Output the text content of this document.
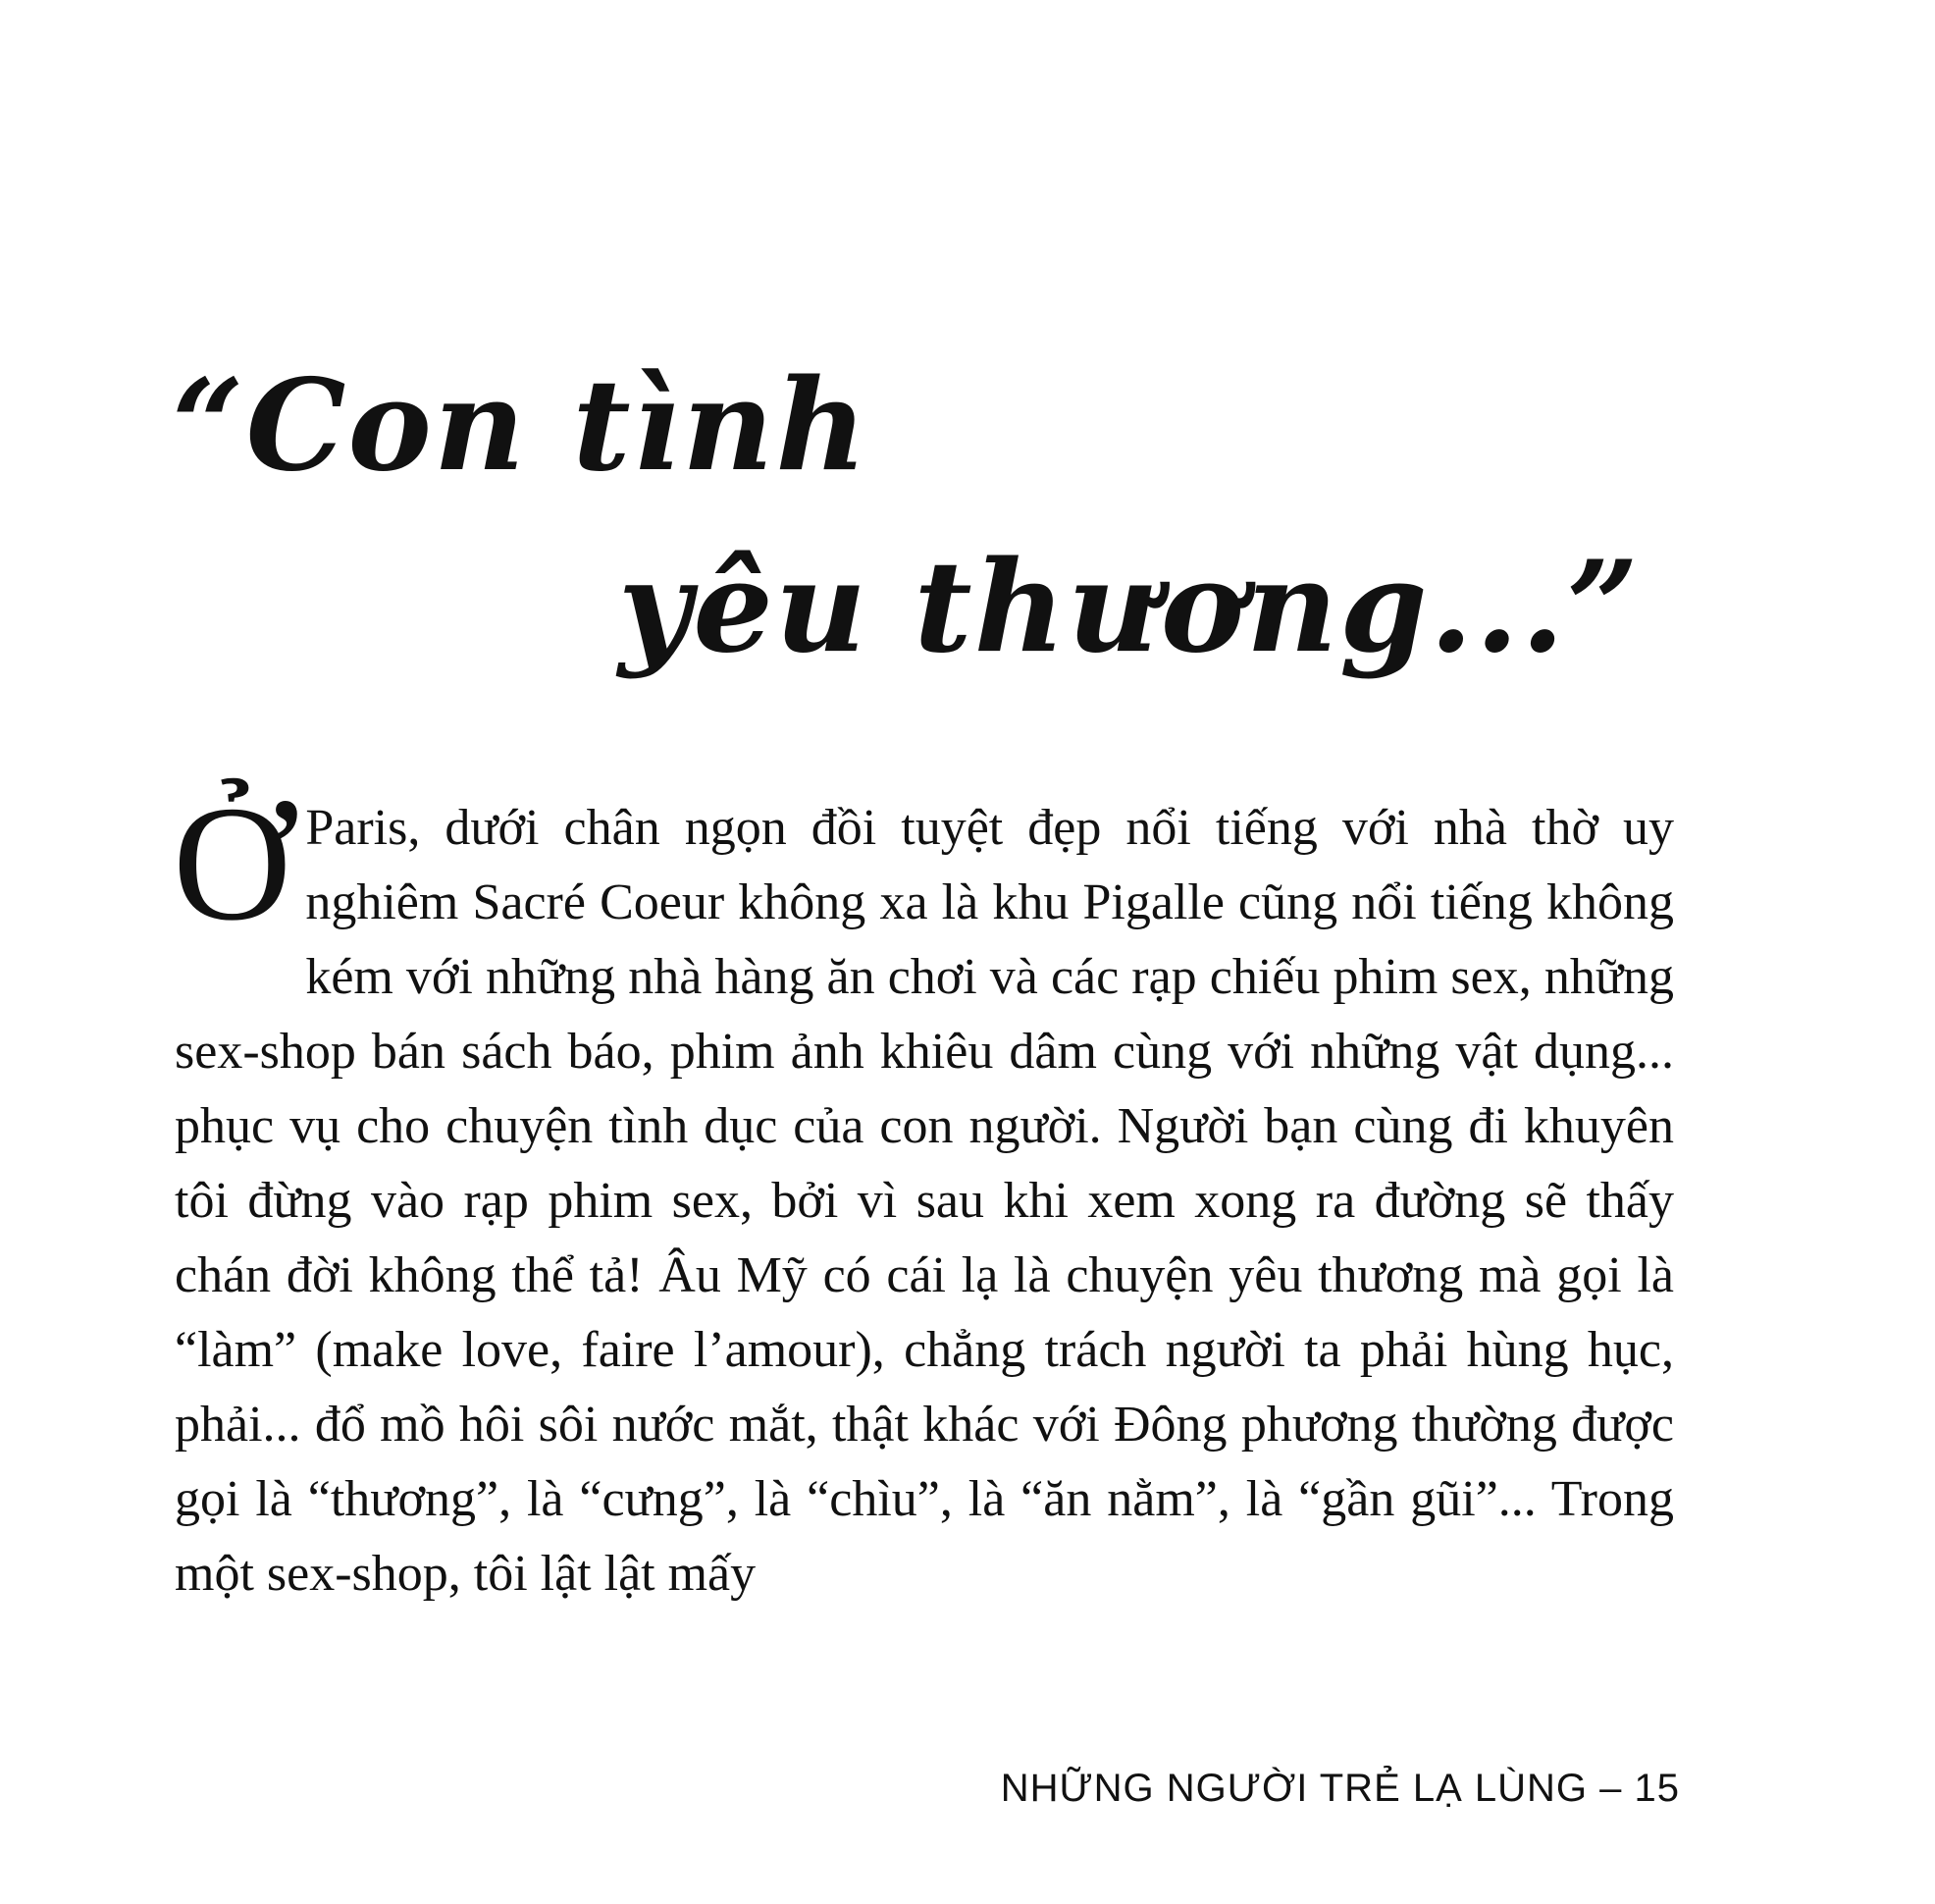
“Con tình
yêu thương...”
Ở Paris, dưới chân ngọn đồi tuyệt đẹp nổi tiếng với nhà thờ uy nghiêm Sacré Coeur không xa là khu Pigalle cũng nổi tiếng không kém với những nhà hàng ăn chơi và các rạp chiếu phim sex, những sex-shop bán sách báo, phim ảnh khiêu dâm cùng với những vật dụng... phục vụ cho chuyện tình dục của con người. Người bạn cùng đi khuyên tôi đừng vào rạp phim sex, bởi vì sau khi xem xong ra đường sẽ thấy chán đời không thể tả! Âu Mỹ có cái lạ là chuyện yêu thương mà gọi là “làm” (make love, faire l’amour), chẳng trách người ta phải hùng hục, phải... đổ mồ hôi sôi nước mắt, thật khác với Đông phương thường được gọi là “thương”, là “cưng”, là “chìu”, là “ăn nằm”, là “gần gũi”... Trong một sex-shop, tôi lật lật mấy
NHỮNG NGƯỜI TRẺ LẠ LÙNG – 15
